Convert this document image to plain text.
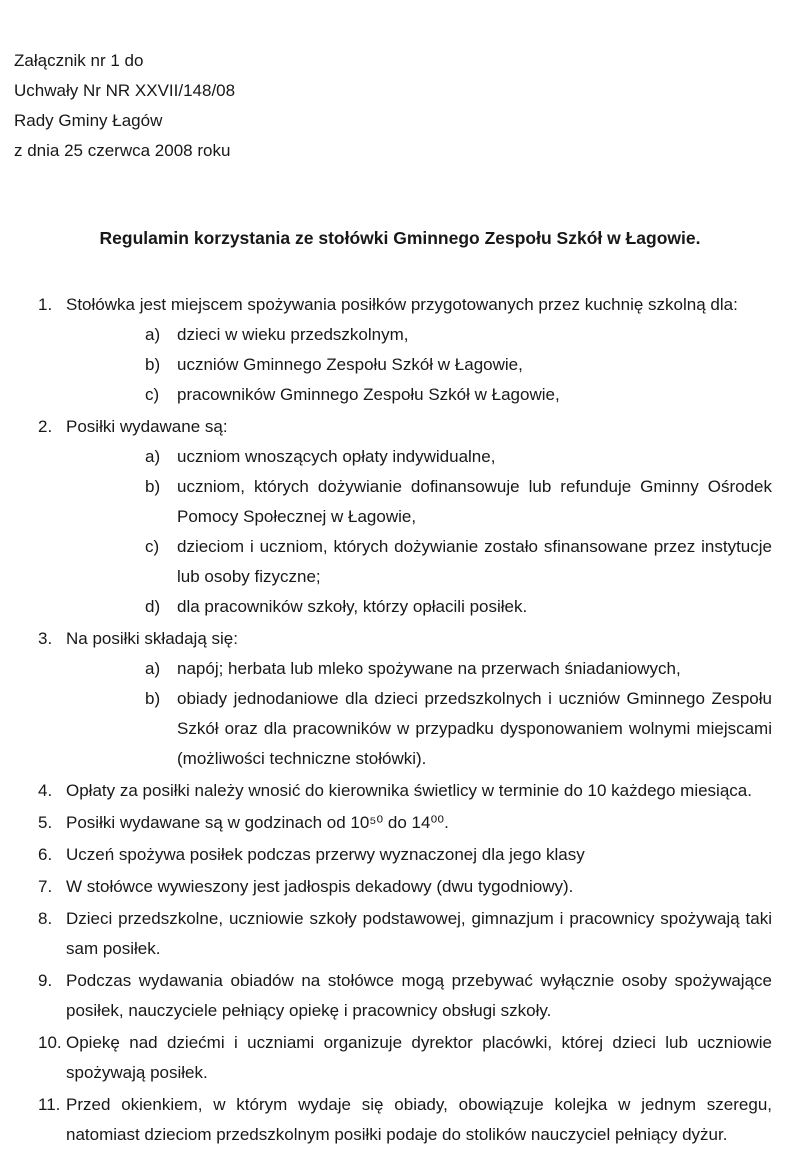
Załącznik nr 1 do
Uchwały Nr NR XXVII/148/08
Rady Gminy Łagów
z dnia 25 czerwca 2008 roku
Regulamin korzystania ze stołówki Gminnego Zespołu Szkół w Łagowie.
1. Stołówka jest miejscem spożywania posiłków przygotowanych przez kuchnię szkolną dla:

a) dzieci w wieku przedszkolnym,

b) uczniów Gminnego Zespołu Szkół w Łagowie,

c) pracowników Gminnego Zespołu Szkół w Łagowie,

2. Posiłki wydawane są:

a) uczniom wnoszących opłaty indywidualne,

b) uczniom, których dożywianie dofinansowuje lub refunduje Gminny Ośrodek Pomocy Społecznej w Łagowie,

c) dzieciom i uczniom, których dożywianie zostało sfinansowane przez instytucje lub osoby fizyczne;

d) dla pracowników szkoły, którzy opłacili posiłek.

3. Na posiłki składają się:

a) napój; herbata lub mleko spożywane na przerwach śniadaniowych,

b) obiady jednodaniowe dla dzieci przedszkolnych i uczniów Gminnego Zespołu Szkół oraz dla pracowników w przypadku dysponowaniem wolnymi miejscami (możliwości techniczne stołówki).

4. Opłaty za posiłki należy wnosić do kierownika świetlicy w terminie do 10 każdego miesiąca.

5. Posiłki wydawane są w godzinach od 10⁵⁰ do 14⁰⁰.

6. Uczeń spożywa posiłek podczas przerwy wyznaczonej dla jego klasy

7. W stołówce wywieszony jest jadłospis dekadowy (dwu tygodniowy).

8. Dzieci przedszkolne, uczniowie szkoły podstawowej, gimnazjum i pracownicy spożywają taki sam posiłek.

9. Podczas wydawania obiadów na stołówce mogą przebywać wyłącznie osoby spożywające posiłek, nauczyciele pełniący opiekę i pracownicy obsługi szkoły.

10. Opiekę nad dziećmi i uczniami organizuje dyrektor placówki, której dzieci lub uczniowie spożywają posiłek.

11. Przed okienkiem, w którym wydaje się obiady, obowiązuje kolejka w jednym szeregu, natomiast dzieciom przedszkolnym posiłki podaje do stolików nauczyciel pełniący dyżur.
